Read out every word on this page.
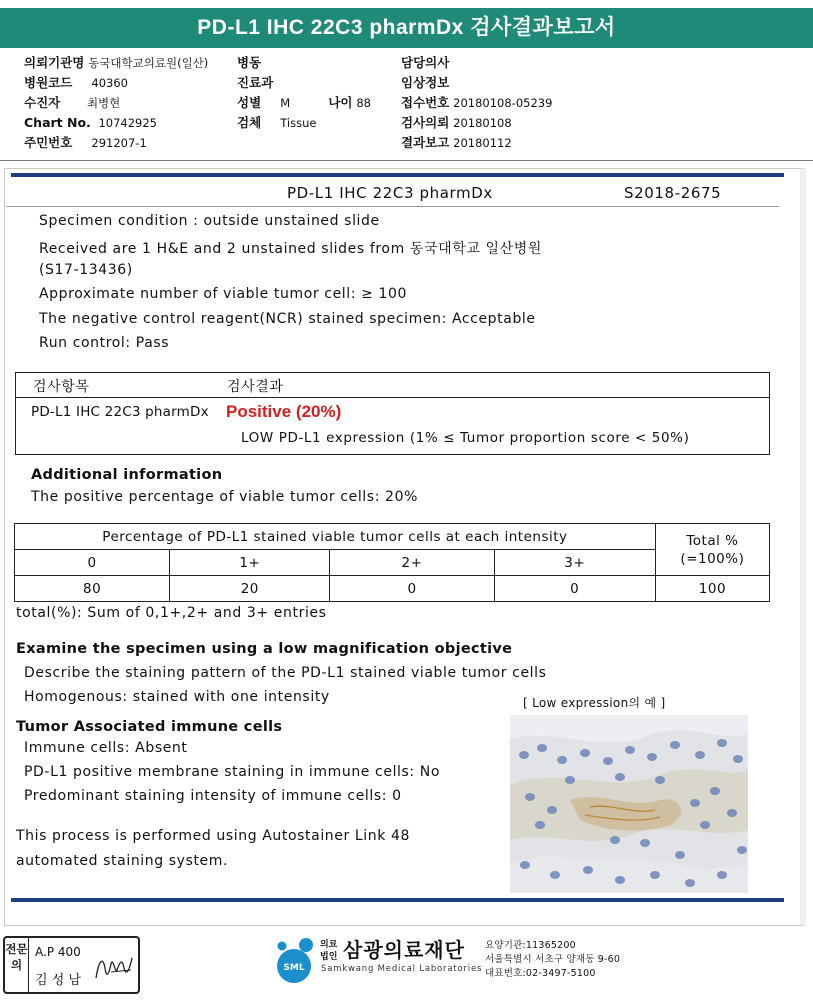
PD-L1 IHC 22C3 pharmDx 검사결과보고서
의뢰기관명 동국대학교의료원(일산)
병원코드 40360
수진자 최병현
Chart No. 10742925
주민번호 291207-1
병동
진료과
성별 M	나이 88
검체 Tissue
담당의사
임상정보
접수번호 20180108-05239
검사의뢰 20180108
결과보고 20180112
PD-L1 IHC 22C3 pharmDx	S2018-2675
Specimen condition : outside unstained slide
Received are 1 H&E and 2 unstained slides from 동국대학교 일산병원
(S17-13436)
Approximate number of viable tumor cell: ≥ 100
The negative control reagent(NCR) stained specimen: Acceptable
Run control: Pass
검사항목	검사결과
PD-L1 IHC 22C3 pharmDx Positive (20%)
LOW PD-L1 expression (1% ≤ Tumor proportion score < 50%)
Additional information
The positive percentage of viable tumor cells: 20%
Percentage of PD-L1 stained viable tumor cells at each intensity				Total %
(=100%)

0	1+	2+	3+	
80	20	0	0	100
total(%): Sum of 0,1+,2+ and 3+ entries
Examine the specimen using a low magnification objective
Describe the staining pattern of the PD-L1 stained viable tumor cells
Homogenous: stained with one intensity	[ Low expression의 예 ]
Tumor Associated immune cells
Immune cells: Absent
PD-L1 positive membrane staining in immune cells: No
Predominant staining intensity of immune cells: 0
This process is performed using Autostainer Link 48
automated staining system.
전문의
A.P 400
김 성 남
SML
의료
법인 삼광의료재단
Samkwang Medical Laboratories
요양기관:11365200
서울특별시 서초구 양재동 9-60
대표번호:02-3497-5100
